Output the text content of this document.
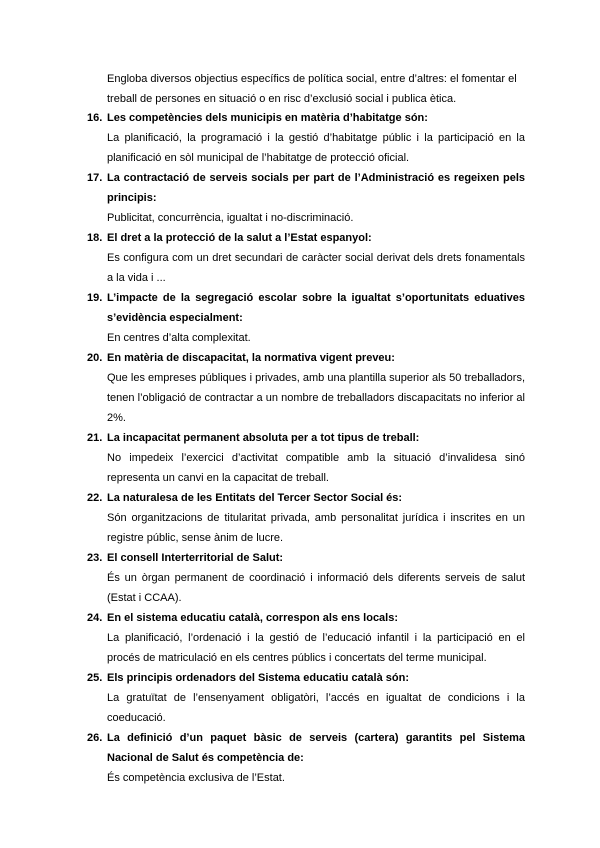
Engloba diversos objectius específics de política social, entre d’altres: el fomentar el treball de persones en situació o en risc d’exclusió social i publica ètica.

16. Les competències dels municipis en matèria d’habitatge són:

La planificació, la programació i la gestió d’habitatge públic i la participació en la planificació en sòl municipal de l’habitatge de protecció oficial.

17. La contractació de serveis socials per part de l’Administració es regeixen pels principis:

Publicitat, concurrència, igualtat i no-discriminació.

18. El dret a la protecció de la salut a l’Estat espanyol:

Es configura com un dret secundari de caràcter social derivat dels drets fonamentals a la vida i ...

19. L’impacte de la segregació escolar sobre la igualtat s’oportunitats eduatives s’evidència especialment:

En centres d’alta complexitat.

20. En matèria de discapacitat, la normativa vigent preveu:

Que les empreses públiques i privades, amb una plantilla superior als 50 treballadors, tenen l’obligació de contractar a un nombre de treballadors discapacitats no inferior al 2%.

21. La incapacitat permanent absoluta per a tot tipus de treball:

No impedeix l’exercici d’activitat compatible amb la situació d’invalidesa sinó representa un canvi en la capacitat de treball.

22. La naturalesa de les Entitats del Tercer Sector Social és:

Són organitzacions de titularitat privada, amb personalitat jurídica i inscrites en un registre públic, sense ànim de lucre.

23. El consell Interterritorial de Salut:

És un òrgan permanent de coordinació i informació dels diferents serveis de salut (Estat i CCAA).

24. En el sistema educatiu català, correspon als ens locals:

La planificació, l’ordenació i la gestió de l’educació infantil i la participació en el procés de matriculació en els centres públics i concertats del terme municipal.

25. Els principis ordenadors del Sistema educatiu català són:

La gratuïtat de l’ensenyament obligatòri, l’accés en igualtat de condicions i la coeducació.

26. La definició d’un paquet bàsic de serveis (cartera) garantits pel Sistema Nacional de Salut és competència de:

És competència exclusiva de l’Estat.
